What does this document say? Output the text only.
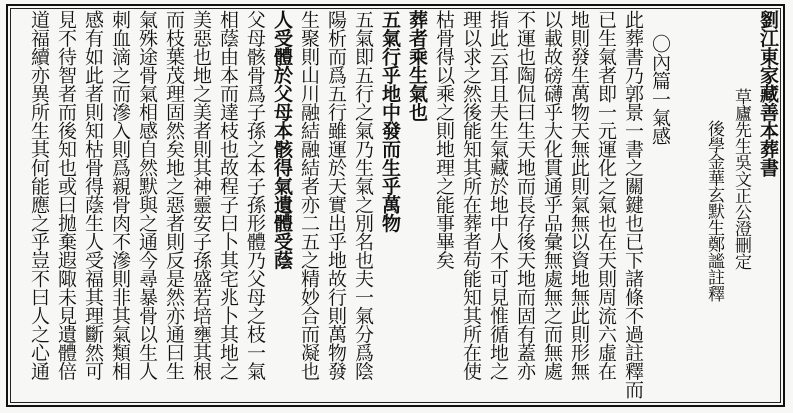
劉江東家藏善本葬書
草廬先生吳文正公澄刪定
後學金華玄默生鄭謐註釋
〇內篇一氣感
此葬書乃郭景一書之關鍵也已下諸條不過註釋而
已生氣者即一元運化之氣也在天則周流六虛在
地則發生萬物天無此則氣無以資地無此則形無
以載故磅礴乎大化貫通乎品彙無處無之而無處
不運也陶侃曰生天地而長存後天地而固有蓋亦
指此云耳且夫生氣藏於地中人不可見惟循地之
理以求之然後能知其所在葬者苟能知其所在使
枯骨得以乘之則地理之能事畢矣
葬者乘生氣也
五氣行乎地中發而生乎萬物
五氣即五行之氣乃生氣之別名也夫一氣分爲陰
陽析而爲五行雖運於天實出乎地故行則萬物發
生聚則山川融結融結者亦二五之精妙合而凝也
人受體於父母本骸得氣遺體受蔭
父母骸骨爲子孫之本子孫形體乃父母之枝一氣
相蔭由本而達枝也故程子曰卜其宅兆卜其地之
美惡也地之美者則其神靈安子孫盛若培壅其根
而枝葉茂理固然矣地之惡者則反是然亦通曰生
氣殊途骨氣相感自然默與之通今尋暴骨以生人
刺血滴之而滲入則爲親骨肉不滲則非其氣類相
感有如此者則知枯骨得蔭生人受福其理斷然可
見不待智者而後知也或曰拋棄遐陬未見遺體倍
道福續亦異所生其何能應之乎豈不曰人之心通
